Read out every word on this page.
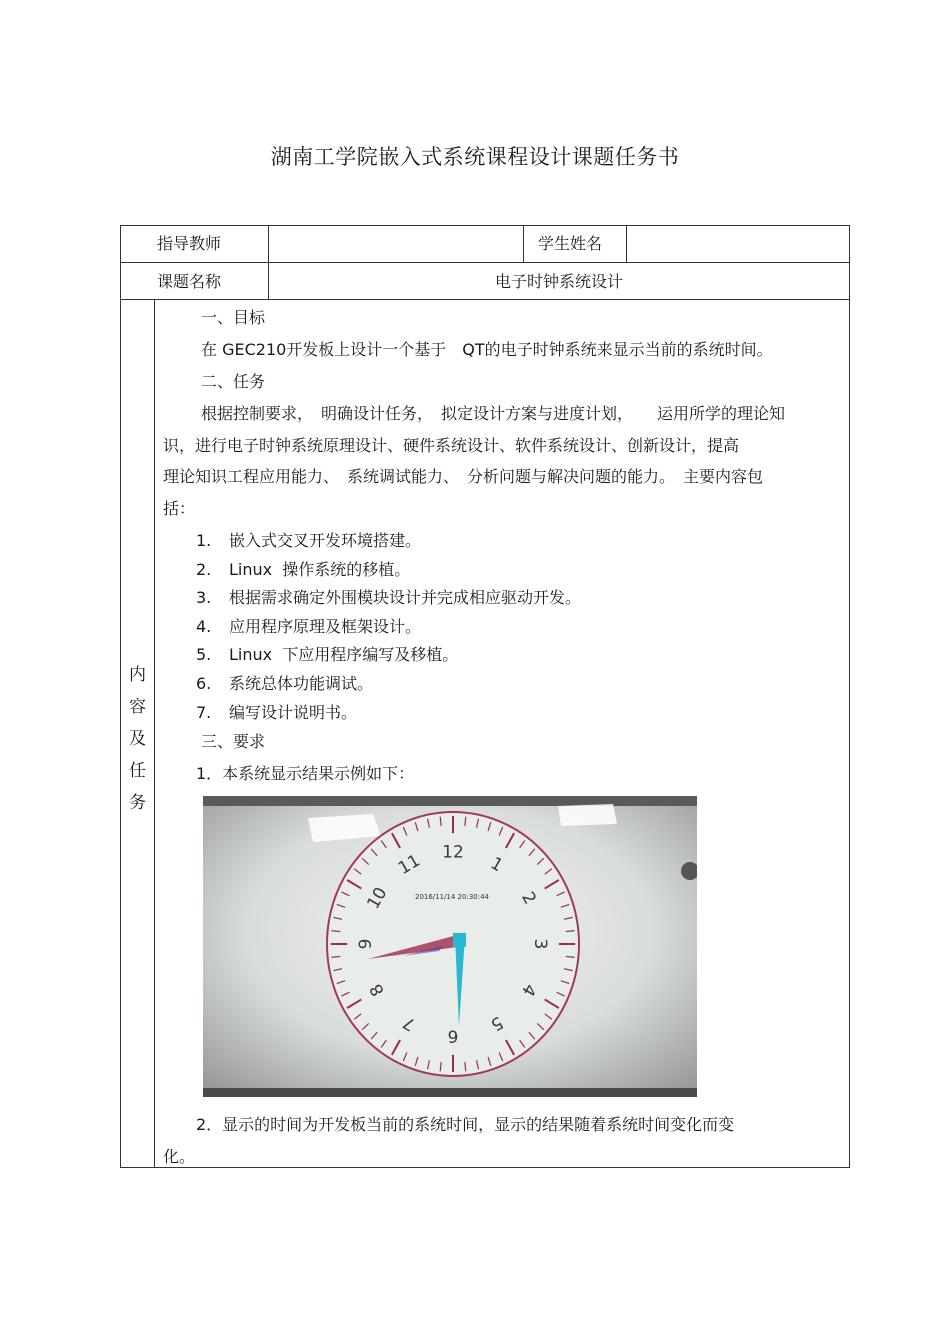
湖南工学院嵌入式系统课程设计课题任务书
指导教师	学生姓名
课题名称	电子时钟系统设计
内
容
及
任
务
一、目标
在 GEC210开发板上设计一个基于　QT的电子时钟系统来显示当前的系统时间。
二、任务
根据控制要求，　明确设计任务，　拟定设计方案与进度计划，　　运用所学的理论知
识，进行电子时钟系统原理设计、硬件系统设计、软件系统设计、创新设计，提高
理论知识工程应用能力、　系统调试能力、　分析问题与解决问题的能力。　主要内容包
括：
1. 嵌入式交叉开发环境搭建。
2. Linux  操作系统的移植。
3. 根据需求确定外围模块设计并完成相应驱动开发。
4. 应用程序原理及框架设计。
5. Linux  下应用程序编写及移植。
6. 系统总体功能调试。
7. 编写设计说明书。
三、要求
1．本系统显示结果示例如下：
12
1
2
3
4
5
6
7
8
9
10
11
2016/11/14 20:30:44
2．显示的时间为开发板当前的系统时间，显示的结果随着系统时间变化而变
化。
